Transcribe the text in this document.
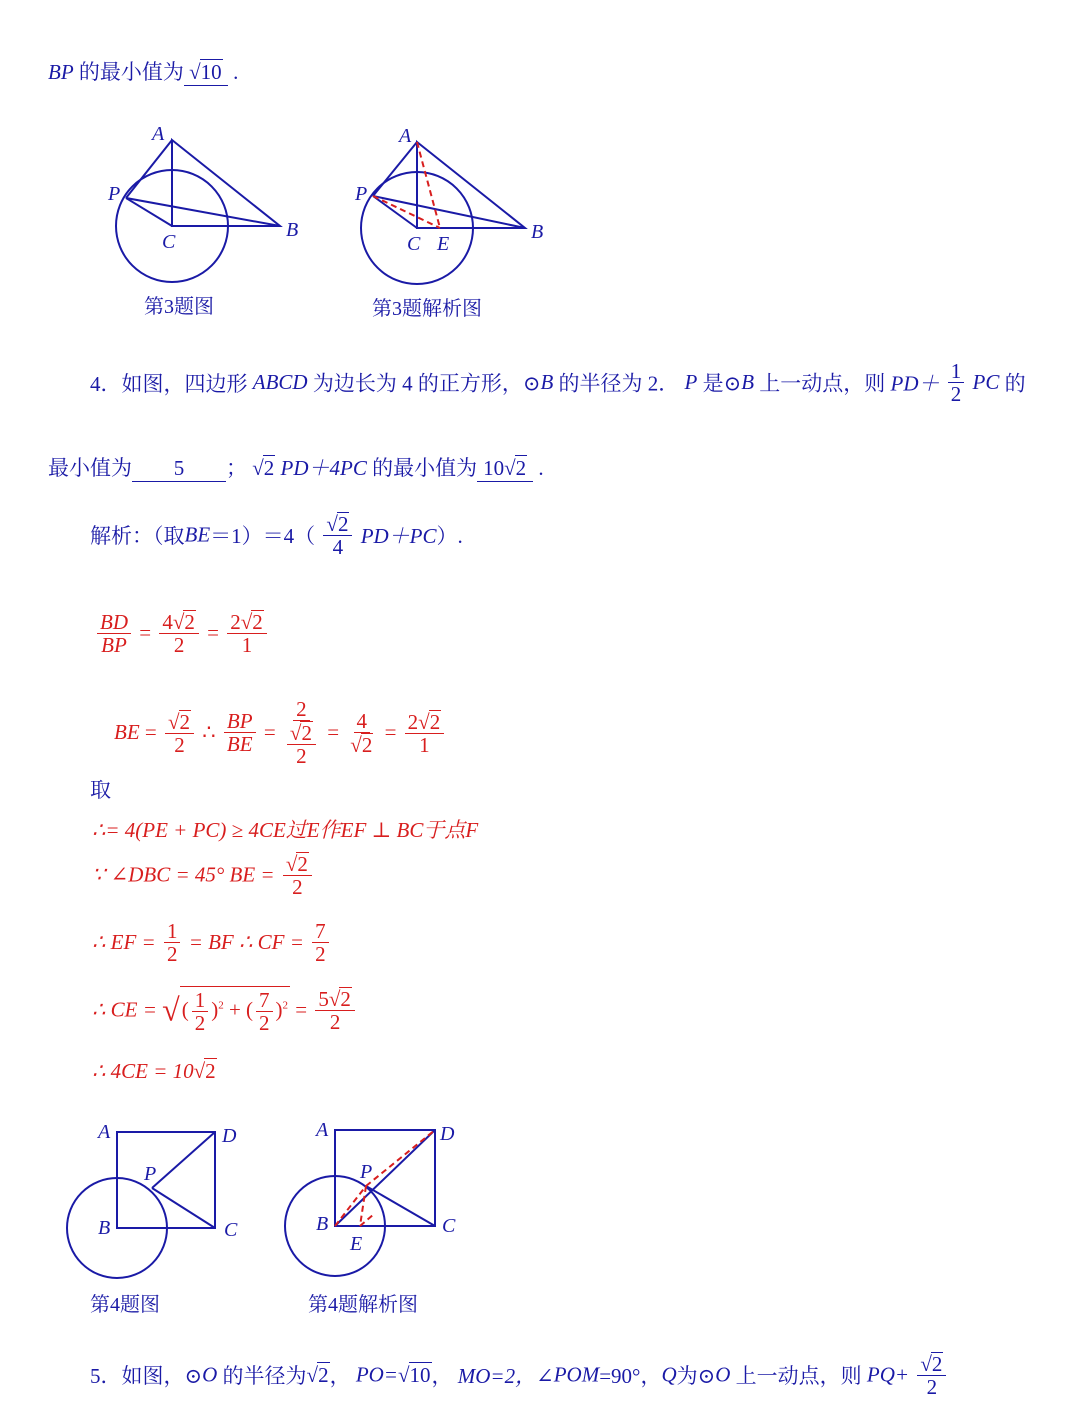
BP 的最小值为 √10 .
A
B
C
P
第3题图
A
B
C E
P
第3题解析图
4．如图，四边形 ABCD 为边长为 4 的正方形，⊙B 的半径为 2． P 是⊙B 上一动点，则 $PD+ \frac{1}{2}$ PC 的
最小值为 5 ； √2 PD＋4PC 的最小值为 10√2 .
解析：（取$BE=1)=4( \frac{√2}{4} PD+PC)$.
$\frac{BD}{BP} = \frac{4√2}{2} = \frac{2√2}{1}$
BE = $\frac{√2}{2}$ ∴ $\frac{BP}{BE} = \frac{2}{\frac{√2}{2}} = \frac{4}{√2} = \frac{2√2}{1}$
取
∴= 4(PE + PC) ≥ 4CE过E作EF ⊥ BC于点F
∵ ∠DBC = 45° BE = $\frac{√2}{2}$
∴ EF = $\frac{1}{2}$ = BF ∴ CF = $\frac{7}{2}$
∴ CE = √( $\frac{1}{2} )^2$ + ( $\frac{7}{2} )^2 = \frac{5√2}{2}$
∴ 4CE = 10√2
A	D
P
B	C
第4题图
A	D
P
B	C
E
第4题解析图
5．如图，⊙O 的半径为√2， PO=√10， MO=2，∠POM=90°，Q为⊙O 上一动点，则 $PQ+ \frac{√2}{2}$
